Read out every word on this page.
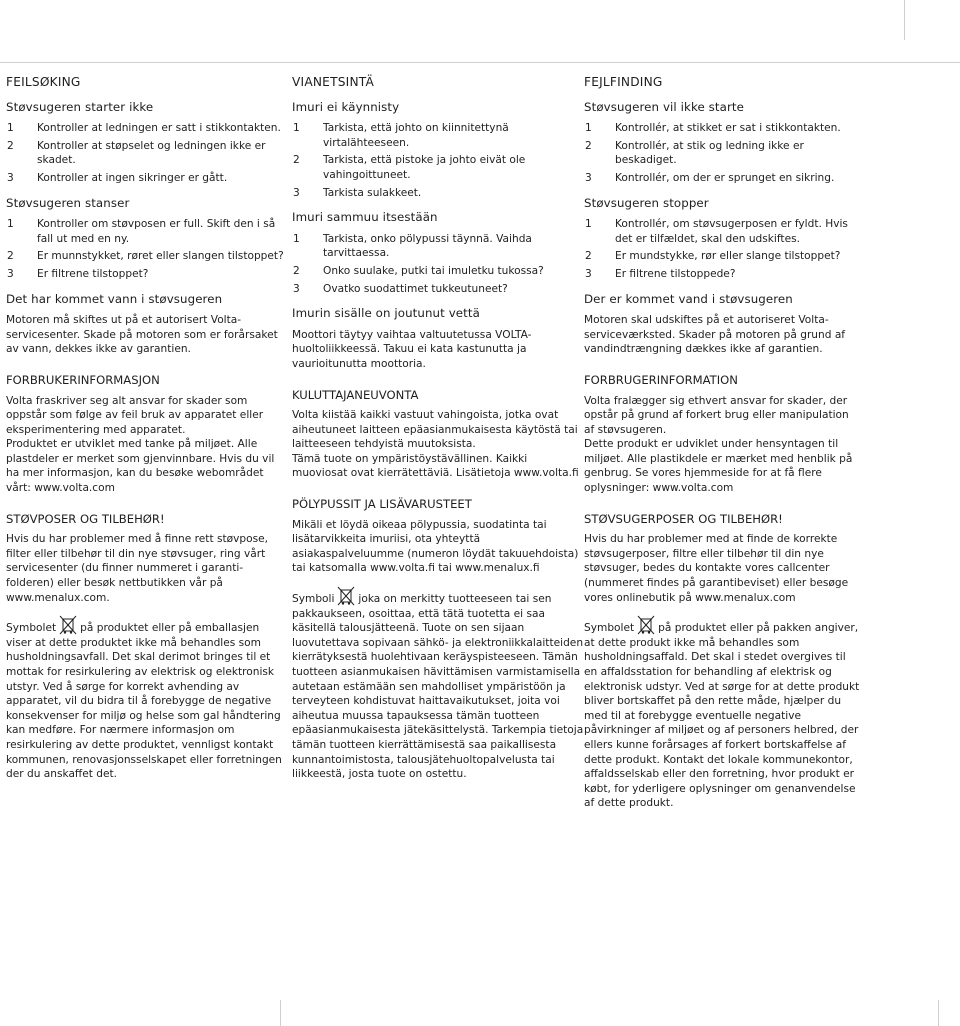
FEILSØKING
Støvsugeren starter ikke
1	Kontroller at ledningen er satt i stikkontakten.
2	Kontroller at støpselet og ledningen ikke er skadet.
3	Kontroller at ingen sikringer er gått.
Støvsugeren stanser
1	Kontroller om støvposen er full. Skift den i så fall ut med en ny.
2	Er munnstykket, røret eller slangen tilstoppet?
3	Er filtrene tilstoppet?
Det har kommet vann i støvsugeren

Motoren må skiftes ut på et autorisert Volta-servicesenter. Skade på motoren som er forårsaket av vann, dekkes ikke av garantien.

FORBRUKERINFORMASJON

Volta fraskriver seg alt ansvar for skader som oppstår som følge av feil bruk av apparatet eller eksperimentering med apparatet.

Produktet er utviklet med tanke på miljøet. Alle plastdeler er merket som gjenvinnbare. Hvis du vil ha mer informasjon, kan du besøke webområdet vårt: www.volta.com

STØVPOSER OG TILBEHØR!

Hvis du har problemer med å finne rett støvpose, filter eller tilbehør til din nye støvsuger, ring vårt servicesenter (du finner nummeret i garanti-folderen) eller besøk nettbutikken vår på www.menalux.com.

Symbolet på produktet eller på emballasjen viser at dette produktet ikke må behandles som husholdningsavfall. Det skal derimot bringes til et mottak for resirkulering av elektrisk og elektronisk utstyr. Ved å sørge for korrekt avhending av apparatet, vil du bidra til å forebygge de negative konsekvenser for miljø og helse som gal håndtering kan medføre. For nærmere informasjon om resirkulering av dette produktet, vennligst kontakt kommunen, renovasjonsselskapet eller forretningen der du anskaffet det.

VIANETSINTÄ
Imuri ei käynnisty
1	Tarkista, että johto on kiinnitettynä virtalähteeseen.
2	Tarkista, että pistoke ja johto eivät ole vahingoittuneet.
3	Tarkista sulakkeet.
Imuri sammuu itsestään
1	Tarkista, onko pölypussi täynnä. Vaihda tarvittaessa.
2	Onko suulake, putki tai imuletku tukossa?
3	Ovatko suodattimet tukkeutuneet?
Imurin sisälle on joutunut vettä

Moottori täytyy vaihtaa valtuutetussa VOLTA-huoltoliikkeessä. Takuu ei kata kastunutta ja vaurioitunutta moottoria.

KULUTTAJANEUVONTA

Volta kiistää kaikki vastuut vahingoista, jotka ovat aiheutuneet laitteen epäasianmukaisesta käytöstä tai laitteeseen tehdyistä muutoksista.

Tämä tuote on ympäristöystävällinen. Kaikki muoviosat ovat kierrätettäviä. Lisätietoja www.volta.fi

PÖLYPUSSIT JA LISÄVARUSTEET

Mikäli et löydä oikeaa pölypussia, suodatinta tai lisätarvikkeita imuriisi, ota yhteyttä asiakaspalveluumme (numeron löydät takuuehdoista) tai katsomalla www.volta.fi tai www.menalux.fi

Symboli joka on merkitty tuotteeseen tai sen pakkaukseen, osoittaa, että tätä tuotetta ei saa käsitellä talousjätteenä. Tuote on sen sijaan luovutettava sopivaan sähkö- ja elektroniikkalaitteiden kierrätyksestä huolehtivaan keräyspisteeseen. Tämän tuotteen asianmukaisen hävittämisen varmistamisella autetaan estämään sen mahdolliset ympäristöön ja terveyteen kohdistuvat haittavaikutukset, joita voi aiheutua muussa tapauksessa tämän tuotteen epäasianmukaisesta jätekäsittelystä. Tarkempia tietoja tämän tuotteen kierrättämisestä saa paikallisesta kunnantoimistosta, talousjätehuoltopalvelusta tai liikkeestä, josta tuote on ostettu.

FEJLFINDING
Støvsugeren vil ikke starte
1	Kontrollér, at stikket er sat i stikkontakten.
2	Kontrollér, at stik og ledning ikke er beskadiget.
3	Kontrollér, om der er sprunget en sikring.
Støvsugeren stopper
1	Kontrollér, om støvsugerposen er fyldt. Hvis det er tilfældet, skal den udskiftes.
2	Er mundstykke, rør eller slange tilstoppet?
3	Er filtrene tilstoppede?
Der er kommet vand i støvsugeren

Motoren skal udskiftes på et autoriseret Volta-serviceværksted. Skader på motoren på grund af vandindtrængning dækkes ikke af garantien.

FORBRUGERINFORMATION

Volta fralægger sig ethvert ansvar for skader, der opstår på grund af forkert brug eller manipulation af støvsugeren.

Dette produkt er udviklet under hensyntagen til miljøet. Alle plastikdele er mærket med henblik på genbrug. Se vores hjemmeside for at få flere oplysninger: www.volta.com

STØVSUGERPOSER OG TILBEHØR!

Hvis du har problemer med at finde de korrekte støvsugerposer, filtre eller tilbehør til din nye støvsuger, bedes du kontakte vores callcenter (nummeret findes på garantibeviset) eller besøge vores onlinebutik på www.menalux.com

Symbolet på produktet eller på pakken angiver, at dette produkt ikke må behandles som husholdningsaffald. Det skal i stedet overgives til en affaldsstation for behandling af elektrisk og elektronisk udstyr. Ved at sørge for at dette produkt bliver bortskaffet på den rette måde, hjælper du med til at forebygge eventuelle negative påvirkninger af miljøet og af personers helbred, der ellers kunne forårsages af forkert bortskaffelse af dette produkt. Kontakt det lokale kommunekontor, affaldsselskab eller den forretning, hvor produkt er købt, for yderligere oplysninger om genanvendelse af dette produkt.
